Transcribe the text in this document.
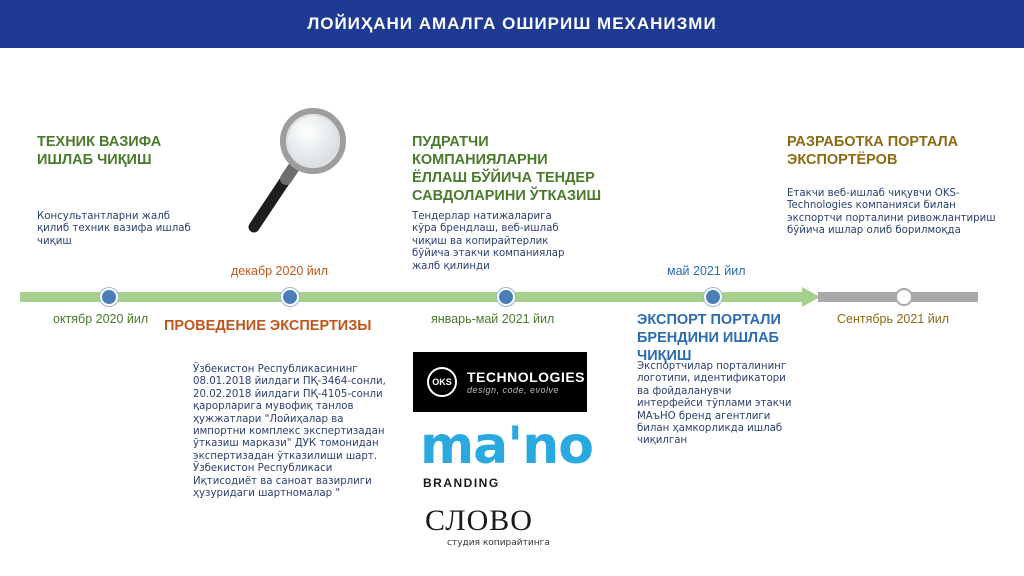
ЛОЙИҲАНИ АМАЛГА ОШИРИШ МЕХАНИЗМИ
ТЕХНИК ВАЗИФА
ИШЛАБ ЧИҚИШ
Консультантларни жалб
қилиб техник вазифа ишлаб
чиқиш
октябр 2020 йил
декабр 2020 йил
ПРОВЕДЕНИЕ ЭКСПЕРТИЗЫ
Ўзбекистон Республикасининг
08.01.2018 йилдаги ПҚ-3464-сонли,
20.02.2018 йилдаги ПҚ-4105-сонли
қарорларига мувофиқ танлов
ҳужжатлари "Лойиҳалар ва
импортни комплекс экспертизадан
ўтказиш маркази" ДУК томонидан
экспертизадан ўтказилиши шарт.
Ўзбекистон Республикаси
Иқтисодиёт ва саноат вазирлиги
ҳузуридаги шартномалар "
ПУДРАТЧИ
КОМПАНИЯЛАРНИ
ЁЛЛАШ БЎЙИЧА ТЕНДЕР
САВДОЛАРИНИ ЎТКАЗИШ
Тендерлар натижаларига
кўра брендлаш, веб-ишлаб
чиқиш ва копирайтерлик
бўйича этакчи компаниялар
жалб қилинди
январь-май 2021 йил
май 2021 йил
ЭКСПОРТ ПОРТАЛИ
БРЕНДИНИ ИШЛАБ
ЧИҚИШ
Экспортчилар порталининг
логотипи, идентификатори
ва фойдаланувчи
интерфейси тўплами этакчи
МАъНО бренд агентлиги
билан ҳамкорликда ишлаб
чиқилган
РАЗРАБОТКА ПОРТАЛА
ЭКСПОРТЁРОВ
Етакчи веб-ишлаб чиқувчи OKS-
Technologies компанияси билан
экспортчи порталини ривожлантириш
бўйича ишлар олиб борилмоқда
Сентябрь 2021 йил
OKS	TECHNOLOGIES
design, code, evolve
ma'no
BRANDING
СЛОВО
студия копирайтинга
